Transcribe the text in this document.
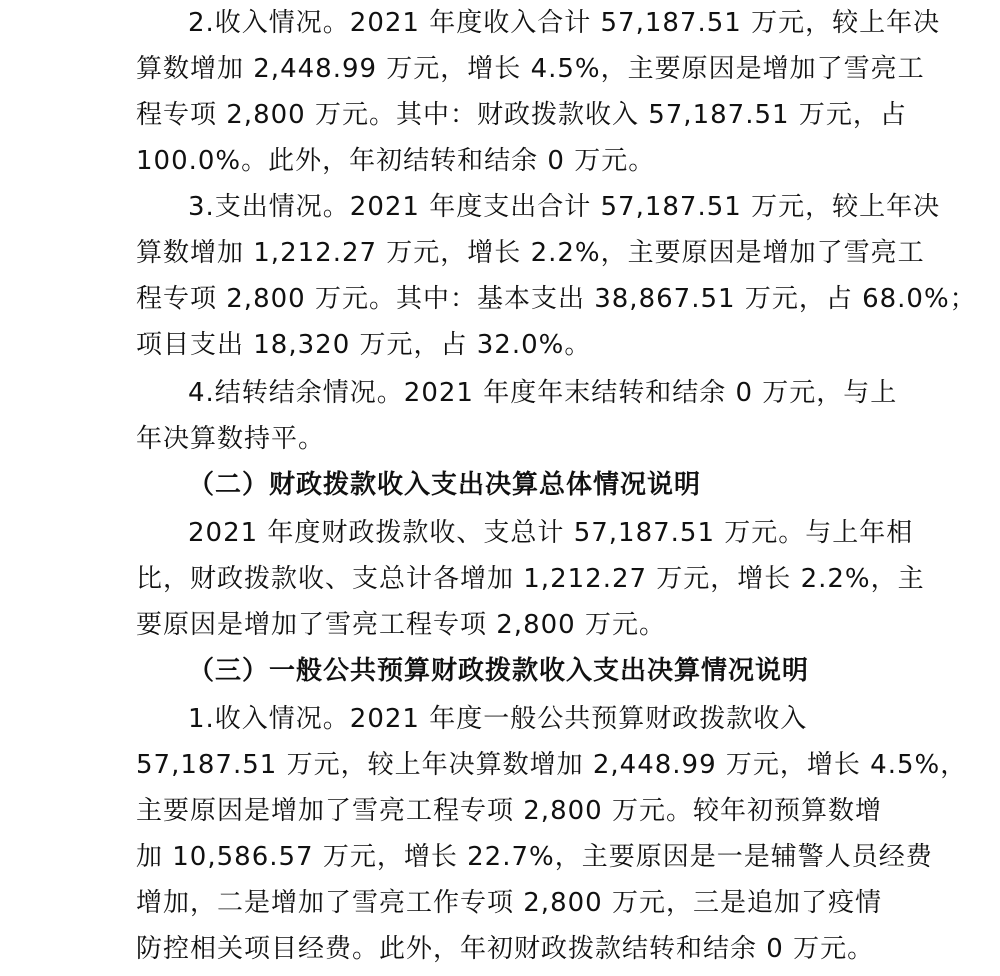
2.收入情况。2021 年度收入合计 57,187.51 万元，较上年决
算数增加 2,448.99 万元，增长 4.5%，主要原因是增加了雪亮工
程专项 2,800 万元。其中：财政拨款收入 57,187.51 万元，占
100.0%。此外，年初结转和结余 0 万元。
3.支出情况。2021 年度支出合计 57,187.51 万元，较上年决
算数增加 1,212.27 万元，增长 2.2%，主要原因是增加了雪亮工
程专项 2,800 万元。其中：基本支出 38,867.51 万元，占 68.0%；
项目支出 18,320 万元，占 32.0%。
4.结转结余情况。2021 年度年末结转和结余 0 万元，与上
年决算数持平。
（二）财政拨款收入支出决算总体情况说明
2021 年度财政拨款收、支总计 57,187.51 万元。与上年相
比，财政拨款收、支总计各增加 1,212.27 万元，增长 2.2%，主
要原因是增加了雪亮工程专项 2,800 万元。
（三）一般公共预算财政拨款收入支出决算情况说明
1.收入情况。2021 年度一般公共预算财政拨款收入
57,187.51 万元，较上年决算数增加 2,448.99 万元，增长 4.5%，
主要原因是增加了雪亮工程专项 2,800 万元。较年初预算数增
加 10,586.57 万元，增长 22.7%，主要原因是一是辅警人员经费
增加，二是增加了雪亮工作专项 2,800 万元，三是追加了疫情
防控相关项目经费。此外，年初财政拨款结转和结余 0 万元。
